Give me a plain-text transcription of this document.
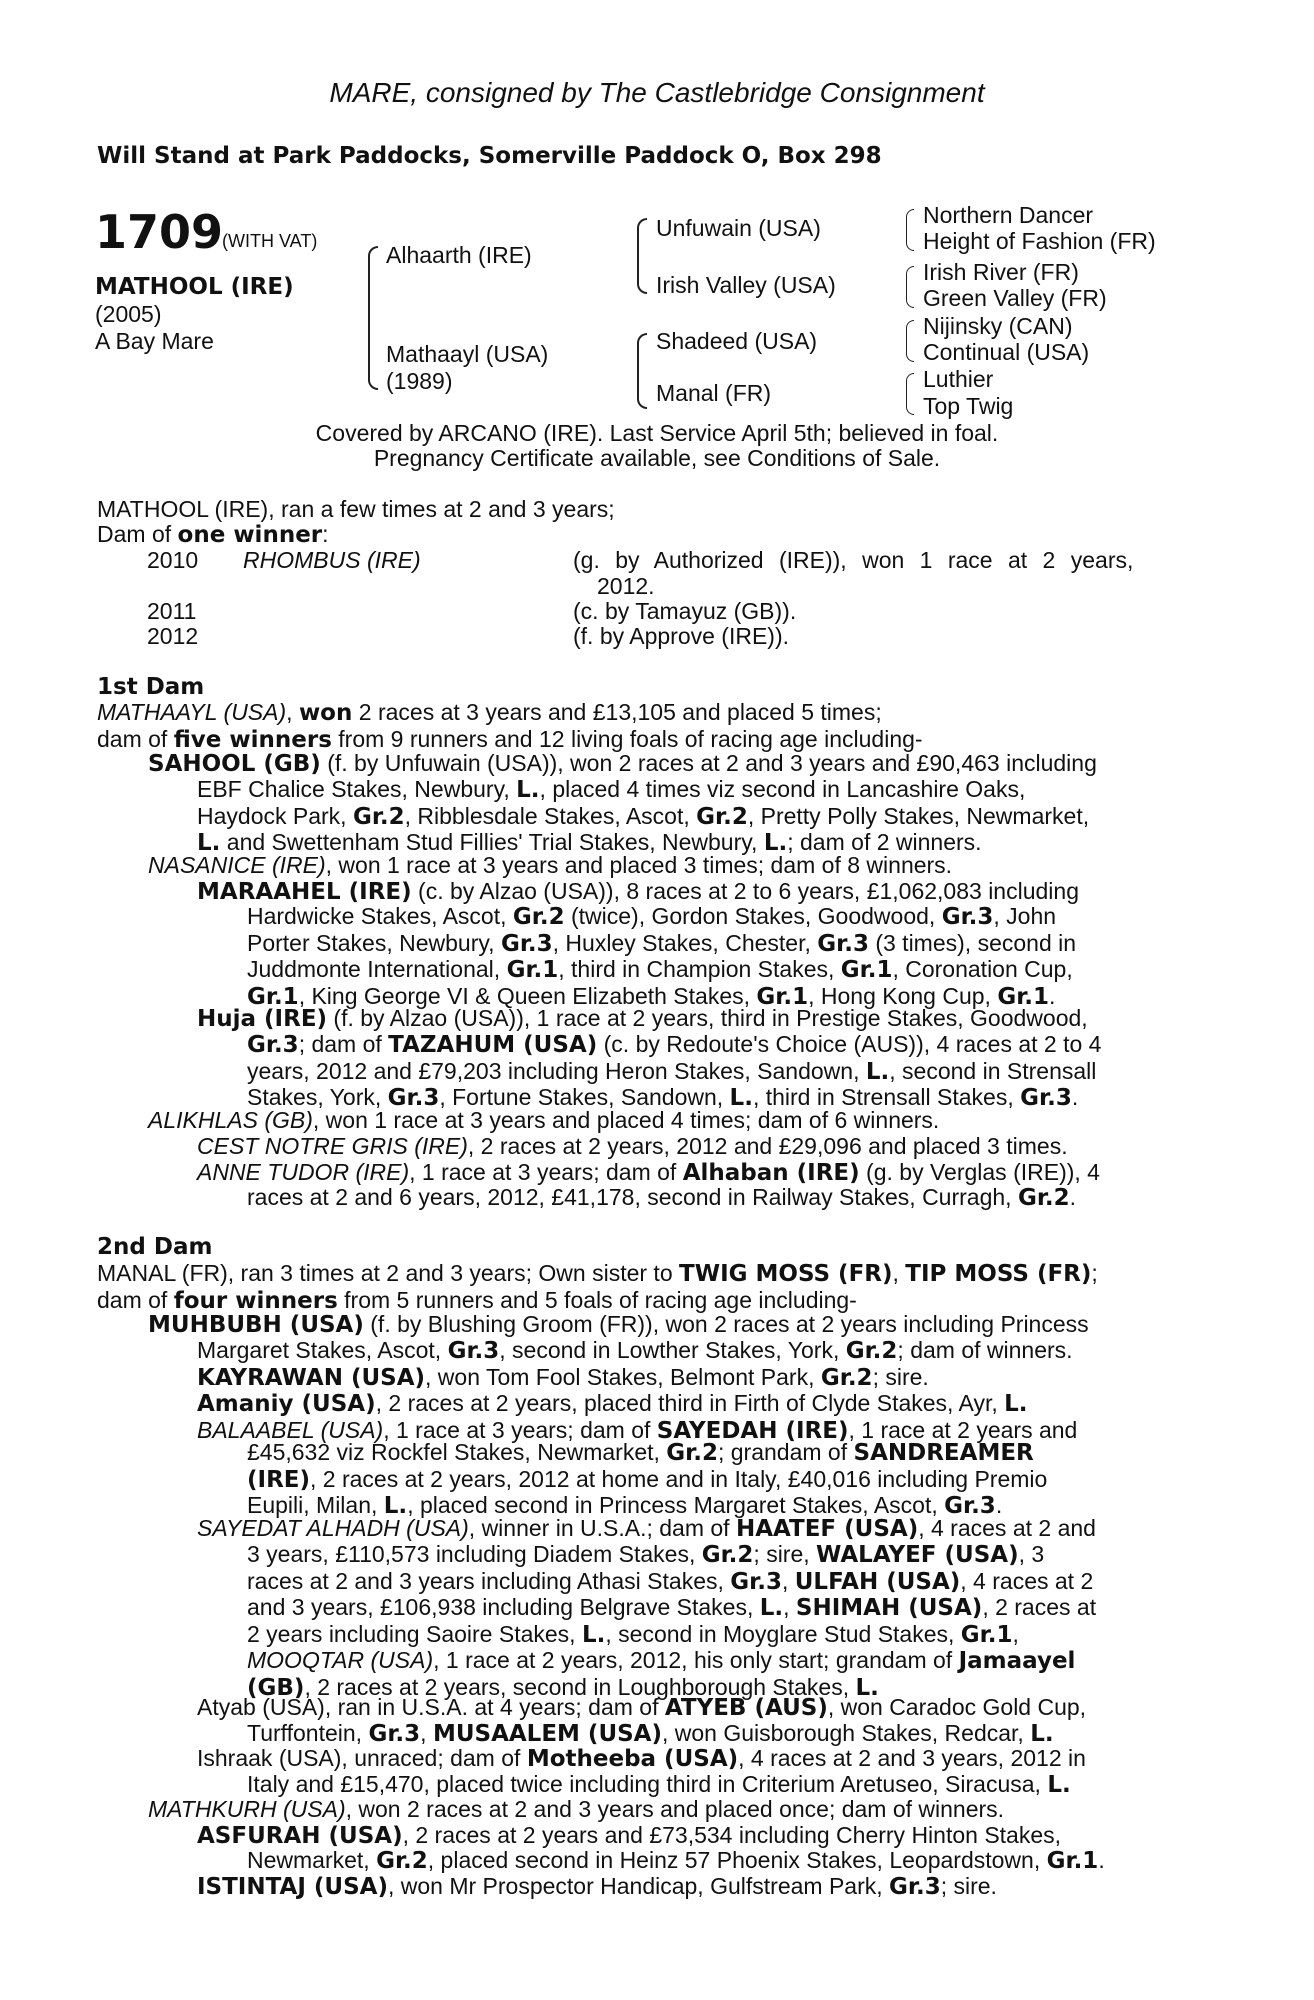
MARE, consigned by The Castlebridge Consignment
Will Stand at Park Paddocks, Somerville Paddock O, Box 298
1709
(WITH VAT)
MATHOOL (IRE)
(2005)
A Bay Mare
Alhaarth (IRE)
Mathaayl (USA)
(1989)
Unfuwain (USA)
Irish Valley (USA)
Shadeed (USA)
Manal (FR)
Northern Dancer
Height of Fashion (FR)
Irish River (FR)
Green Valley (FR)
Nijinsky (CAN)
Continual (USA)
Luthier
Top Twig
Covered by ARCANO (IRE). Last Service April 5th; believed in foal.
Pregnancy Certificate available, see Conditions of Sale.
MATHOOL (IRE), ran a few times at 2 and 3 years;
Dam of one winner:
2010 RHOMBUS (IRE)	(g. by Authorized (IRE)), won 1 race at 2 years,
2012.
2011	(c. by Tamayuz (GB)).
2012	(f. by Approve (IRE)).
1st Dam
MATHAAYL (USA), won 2 races at 3 years and £13,105 and placed 5 times;
dam of five winners from 9 runners and 12 living foals of racing age including-
SAHOOL (GB) (f. by Unfuwain (USA)), won 2 races at 2 and 3 years and £90,463 including
EBF Chalice Stakes, Newbury, L., placed 4 times viz second in Lancashire Oaks,
Haydock Park, Gr.2, Ribblesdale Stakes, Ascot, Gr.2, Pretty Polly Stakes, Newmarket,
L. and Swettenham Stud Fillies' Trial Stakes, Newbury, L.; dam of 2 winners.
NASANICE (IRE), won 1 race at 3 years and placed 3 times; dam of 8 winners.
MARAAHEL (IRE) (c. by Alzao (USA)), 8 races at 2 to 6 years, £1,062,083 including
Hardwicke Stakes, Ascot, Gr.2 (twice), Gordon Stakes, Goodwood, Gr.3, John
Porter Stakes, Newbury, Gr.3, Huxley Stakes, Chester, Gr.3 (3 times), second in
Juddmonte International, Gr.1, third in Champion Stakes, Gr.1, Coronation Cup,
Gr.1, King George VI & Queen Elizabeth Stakes, Gr.1, Hong Kong Cup, Gr.1.
Huja (IRE) (f. by Alzao (USA)), 1 race at 2 years, third in Prestige Stakes, Goodwood,
Gr.3; dam of TAZAHUM (USA) (c. by Redoute's Choice (AUS)), 4 races at 2 to 4
years, 2012 and £79,203 including Heron Stakes, Sandown, L., second in Strensall
Stakes, York, Gr.3, Fortune Stakes, Sandown, L., third in Strensall Stakes, Gr.3.
ALIKHLAS (GB), won 1 race at 3 years and placed 4 times; dam of 6 winners.
CEST NOTRE GRIS (IRE), 2 races at 2 years, 2012 and £29,096 and placed 3 times.
ANNE TUDOR (IRE), 1 race at 3 years; dam of Alhaban (IRE) (g. by Verglas (IRE)), 4
races at 2 and 6 years, 2012, £41,178, second in Railway Stakes, Curragh, Gr.2.
2nd Dam
MANAL (FR), ran 3 times at 2 and 3 years; Own sister to TWIG MOSS (FR), TIP MOSS (FR);
dam of four winners from 5 runners and 5 foals of racing age including-
MUHBUBH (USA) (f. by Blushing Groom (FR)), won 2 races at 2 years including Princess
Margaret Stakes, Ascot, Gr.3, second in Lowther Stakes, York, Gr.2; dam of winners.
KAYRAWAN (USA), won Tom Fool Stakes, Belmont Park, Gr.2; sire.
Amaniy (USA), 2 races at 2 years, placed third in Firth of Clyde Stakes, Ayr, L.
BALAABEL (USA), 1 race at 3 years; dam of SAYEDAH (IRE), 1 race at 2 years and
£45,632 viz Rockfel Stakes, Newmarket, Gr.2; grandam of SANDREAMER
(IRE), 2 races at 2 years, 2012 at home and in Italy, £40,016 including Premio
Eupili, Milan, L., placed second in Princess Margaret Stakes, Ascot, Gr.3.
SAYEDAT ALHADH (USA), winner in U.S.A.; dam of HAATEF (USA), 4 races at 2 and
3 years, £110,573 including Diadem Stakes, Gr.2; sire, WALAYEF (USA), 3
races at 2 and 3 years including Athasi Stakes, Gr.3, ULFAH (USA), 4 races at 2
and 3 years, £106,938 including Belgrave Stakes, L., SHIMAH (USA), 2 races at
2 years including Saoire Stakes, L., second in Moyglare Stud Stakes, Gr.1,
MOOQTAR (USA), 1 race at 2 years, 2012, his only start; grandam of Jamaayel
(GB), 2 races at 2 years, second in Loughborough Stakes, L.
Atyab (USA), ran in U.S.A. at 4 years; dam of ATYEB (AUS), won Caradoc Gold Cup,
Turffontein, Gr.3, MUSAALEM (USA), won Guisborough Stakes, Redcar, L.
Ishraak (USA), unraced; dam of Motheeba (USA), 4 races at 2 and 3 years, 2012 in
Italy and £15,470, placed twice including third in Criterium Aretuseo, Siracusa, L.
MATHKURH (USA), won 2 races at 2 and 3 years and placed once; dam of winners.
ASFURAH (USA), 2 races at 2 years and £73,534 including Cherry Hinton Stakes,
Newmarket, Gr.2, placed second in Heinz 57 Phoenix Stakes, Leopardstown, Gr.1.
ISTINTAJ (USA), won Mr Prospector Handicap, Gulfstream Park, Gr.3; sire.
